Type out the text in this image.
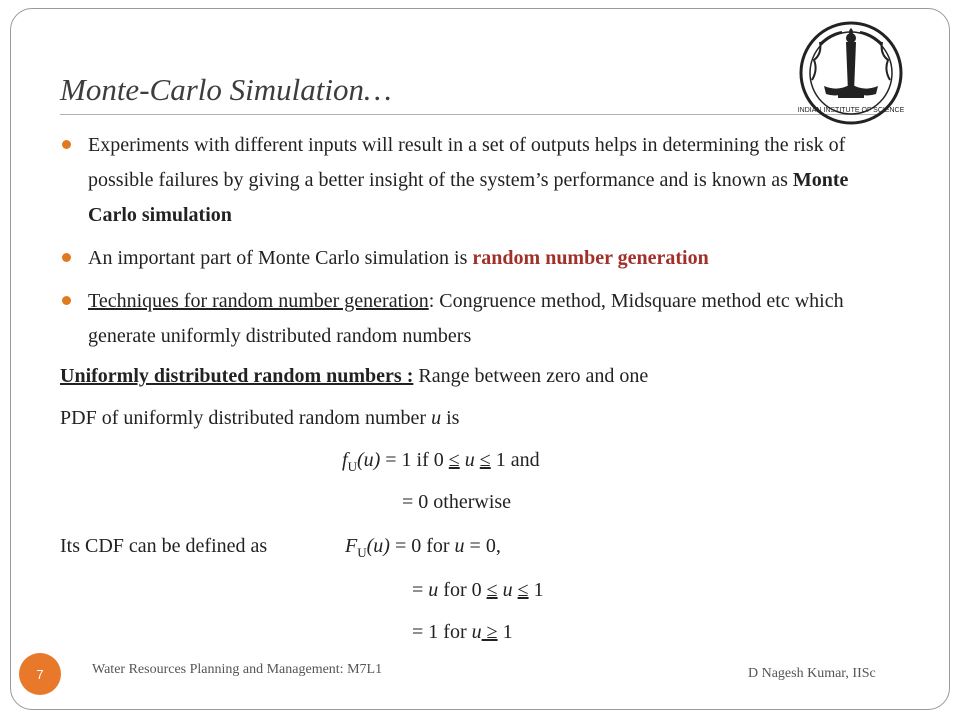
Monte-Carlo Simulation…
INDIAN INSTITUTE OF SCIENCE
Experiments with different inputs will result in a set of outputs helps in determining the risk of possible failures by giving a better insight of the system’s performance and is known as Monte Carlo simulation
An important part of Monte Carlo simulation is random number generation
Techniques for random number generation: Congruence method, Midsquare method etc which generate uniformly distributed random numbers
Uniformly distributed random numbers : Range between zero and one
PDF of uniformly distributed random number u is
$f_U(u) = 1$ if 0 ≤ u ≤ 1 and
= 0 otherwise
Its CDF can be defined as	$F_U(u) = 0$ for u = 0,
= u for 0 ≤ u ≤ 1
= 1 for u ≥ 1
7	Water Resources Planning and Management: M7L1	D Nagesh Kumar, IISc
